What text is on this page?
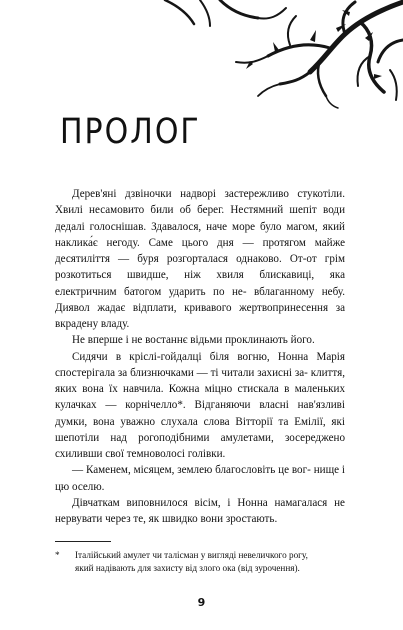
ПРОЛОГ

Дерев'яні дзвіночки надворі застережливо стукотіли. Хвилі несамовито били об берег. Нестямний шепіт води дедалі голоснішав. Здавалося, наче море було магом, який наклика́є негоду. Саме цього дня — протягом майже десятиліття — буря розгорталася однаково. От-от грім розкотиться швидше, ніж хвиля блискавиці, яка електричним батогом ударить по не- вблаганному небу. Диявол жадає відплати, кривавого жертвопринесення за вкрадену владу.

Не вперше і не востаннє відьми проклинають його.

Сидячи в кріслі-гойдалці біля вогню, Нонна Марія спостерігала за близнючками — ті читали захисні за- клиття, яких вона їх навчила. Кожна міцно стискала в маленьких кулачках — корнічелло*. Відганяючи власні нав'язливі думки, вона уважно слухала слова Вітторії та Емілії, які шепотіли над рогоподібними амулетами, зосереджено схиливши свої темноволосі голівки.

— Каменем, місяцем, землею благословіть це вог- нище і цю оселю.

Дівчаткам виповнилося вісім, і Нонна намагалася не нервувати через те, як швидко вони зростають.

* Італійський амулет чи талісман у вигляді невеличкого рогу,
який надівають для захисту від злого ока (від зурочення).
9
